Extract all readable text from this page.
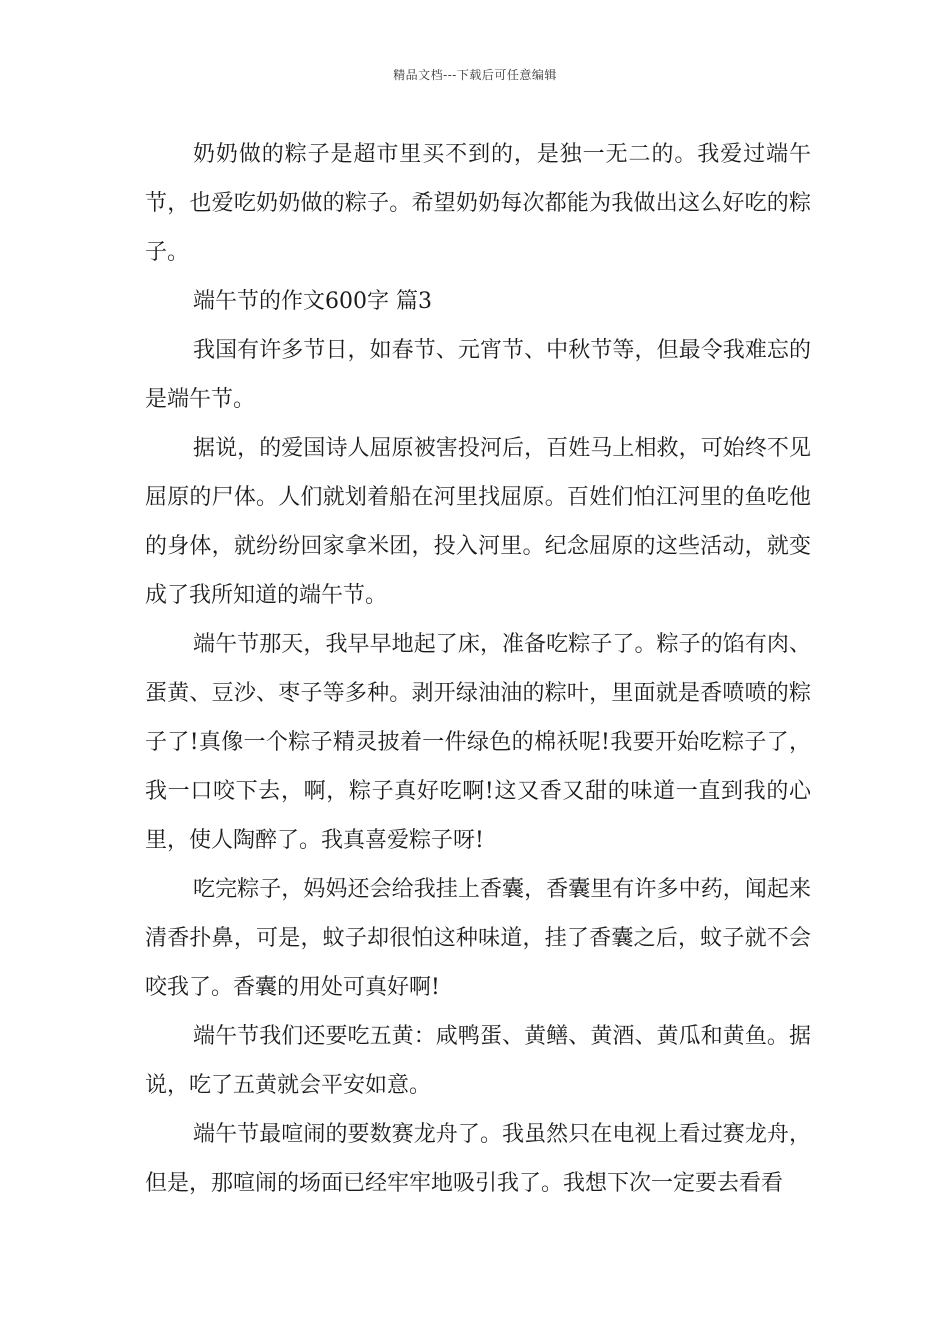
精品文档---下载后可任意编辑

奶奶做的粽子是超市里买不到的，是独一无二的。我爱过端午节，也爱吃奶奶做的粽子。希望奶奶每次都能为我做出这么好吃的粽子。

端午节的作文600字 篇3

我国有许多节日，如春节、元宵节、中秋节等，但最令我难忘的是端午节。

据说，的爱国诗人屈原被害投河后，百姓马上相救，可始终不见屈原的尸体。人们就划着船在河里找屈原。百姓们怕江河里的鱼吃他的身体，就纷纷回家拿米团，投入河里。纪念屈原的这些活动，就变成了我所知道的端午节。

端午节那天，我早早地起了床，准备吃粽子了。粽子的馅有肉、蛋黄、豆沙、枣子等多种。剥开绿油油的粽叶，里面就是香喷喷的粽子了!真像一个粽子精灵披着一件绿色的棉袄呢!我要开始吃粽子了，我一口咬下去，啊，粽子真好吃啊!这又香又甜的味道一直到我的心里，使人陶醉了。我真喜爱粽子呀!

吃完粽子，妈妈还会给我挂上香囊，香囊里有许多中药，闻起来清香扑鼻，可是，蚊子却很怕这种味道，挂了香囊之后，蚊子就不会咬我了。香囊的用处可真好啊!

端午节我们还要吃五黄：咸鸭蛋、黄鳝、黄酒、黄瓜和黄鱼。据说，吃了五黄就会平安如意。

端午节最喧闹的要数赛龙舟了。我虽然只在电视上看过赛龙舟，但是，那喧闹的场面已经牢牢地吸引我了。我想下次一定要去看看
